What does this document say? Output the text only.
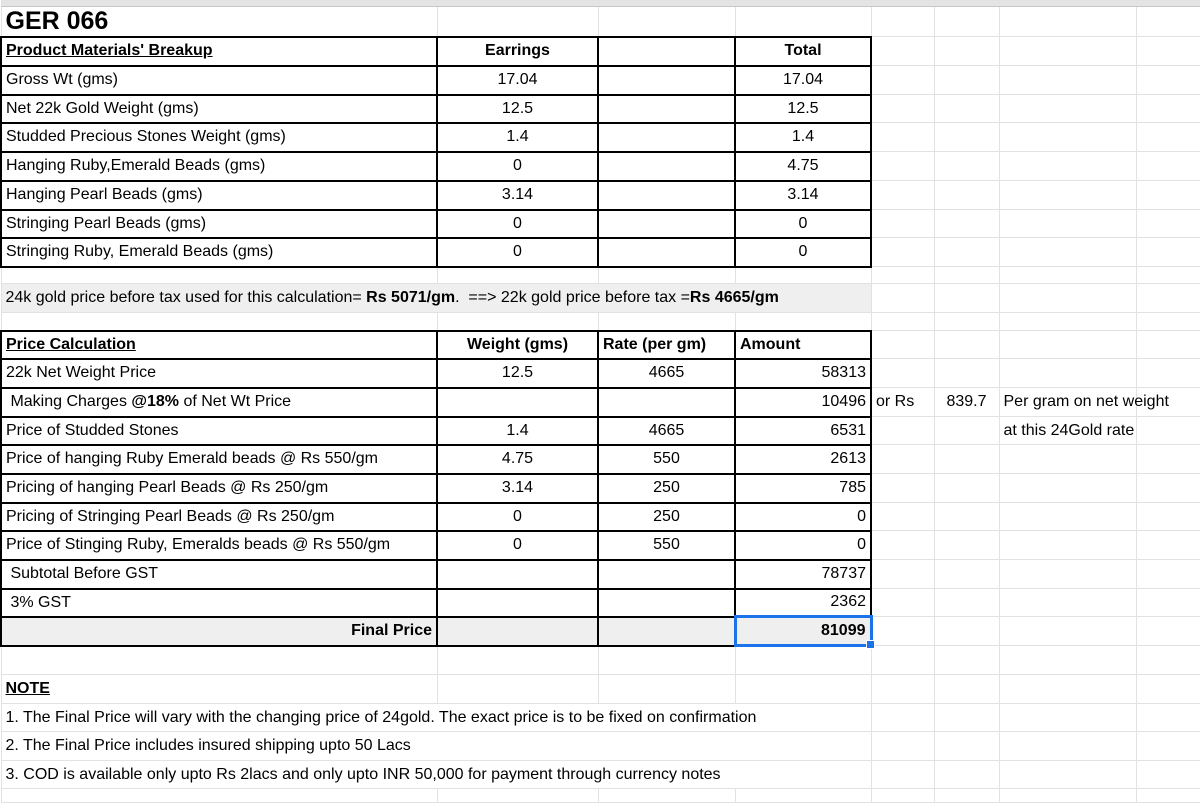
GER 066							
Product Materials' Breakup	Earrings		Total				
Gross Wt (gms)	17.04		17.04				
Net 22k Gold Weight (gms)	12.5		12.5				
Studded Precious Stones Weight (gms)	1.4		1.4				
Hanging Ruby,Emerald Beads (gms)	0		4.75				
Hanging Pearl Beads (gms)	3.14		3.14				
Stringing Pearl Beads (gms)	0		0				
Stringing Ruby, Emerald Beads (gms)	0		0				

24k gold price before tax used for this calculation= Rs 5071/gm.  ==> 22k gold price before tax =Rs 4665/gm							

Price Calculation	Weight (gms)	Rate (per gm)	Amount				
22k Net Weight Price	12.5	4665	58313				
Making Charges @18% of Net Wt Price			10496	or Rs	839.7	Per gram on net weight	
Price of Studded Stones	1.4	4665	6531			at this 24Gold rate	
Price of hanging Ruby Emerald beads @ Rs 550/gm	4.75	550	2613				
Pricing of hanging Pearl Beads @ Rs 250/gm	3.14	250	785				
Pricing of Stringing Pearl Beads @ Rs 250/gm	0	250	0				
Price of Stinging Ruby, Emeralds beads @ Rs 550/gm	0	550	0				
Subtotal Before GST			78737				
3% GST			2362				
Final Price			81099				

NOTE							
1. The Final Price will vary with the changing price of 24gold. The exact price is to be fixed on confirmation							
2. The Final Price includes insured shipping upto 50 Lacs							
3. COD is available only upto Rs 2lacs and only upto INR 50,000 for payment through currency notes							
